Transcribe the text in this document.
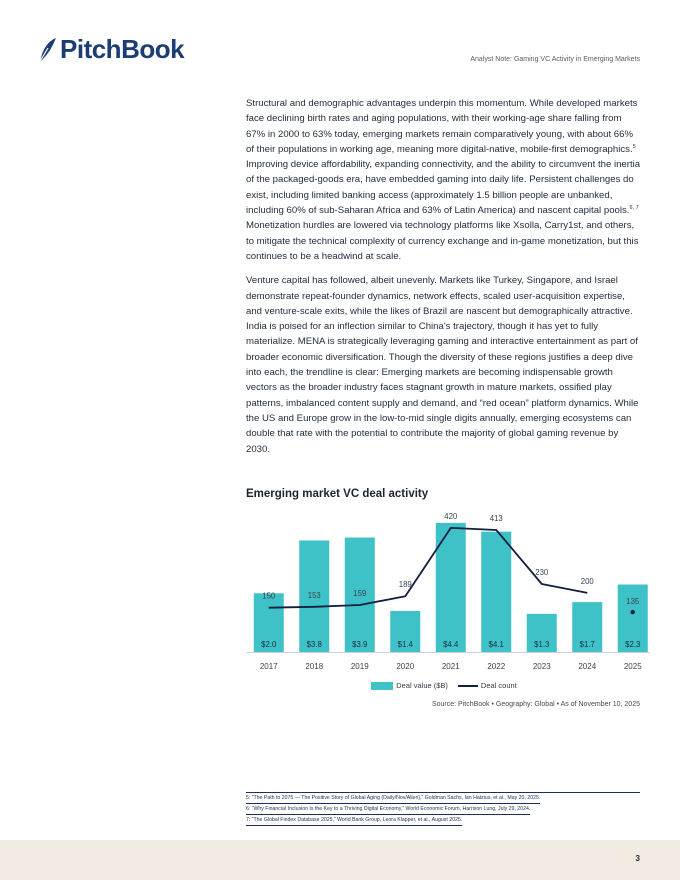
PitchBook	Analyst Note: Gaming VC Activity in Emerging Markets

Structural and demographic advantages underpin this momentum. While developed markets face declining birth rates and aging populations, with their working-age share falling from 67% in 2000 to 63% today, emerging markets remain comparatively young, with about 66% of their populations in working age, meaning more digital-native, mobile-first demographics.$^5$ Improving device affordability, expanding connectivity, and the ability to circumvent the inertia of the packaged-goods era, have embedded gaming into daily life. Persistent challenges do exist, including limited banking access (approximately 1.5 billion people are unbanked, including 60% of sub-Saharan Africa and 63% of Latin America) and nascent capital pools.$^{6, 7}$ Monetization hurdles are lowered via technology platforms like Xsolla, Carry1st, and others, to mitigate the technical complexity of currency exchange and in-game monetization, but this continues to be a headwind at scale.

Venture capital has followed, albeit unevenly. Markets like Turkey, Singapore, and Israel demonstrate repeat-founder dynamics, network effects, scaled user-acquisition expertise, and venture-scale exits, while the likes of Brazil are nascent but demographically attractive. India is poised for an inflection similar to China's trajectory, though it has yet to fully materialize. MENA is strategically leveraging gaming and interactive entertainment as part of broader economic diversification. Though the diversity of these regions justifies a deep dive into each, the trendline is clear: Emerging markets are becoming indispensable growth vectors as the broader industry faces stagnant growth in mature markets, ossified play patterns, imbalanced content supply and demand, and “red ocean” platform dynamics. While the US and Europe grow in the low-to-mid single digits annually, emerging ecosystems can double that rate with the potential to contribute the majority of global gaming revenue by 2030.

Emerging market VC deal activity
$2.0
2017
$3.8
2018
$3.9
2019
$1.4
2020
$4.4
2021
$4.1
2022
$1.3
2023
$1.7
2024
$2.3
2025
150	153	159
189
420	413
230
200
135
Deal value ($B)	Deal count
Source: PitchBook • Geography: Global • As of November 10, 2025
5: “The Path to 2075 — The Positive Story of Global Aging (Daily/Nov/Allen),” Goldman Sachs, Ian Hatzius, et al., May 20, 2025.
6: “Why Financial Inclusion Is the Key to a Thriving Digital Economy,” World Economic Forum, Harrison Lung, July 29, 2024.
7: “The Global Findex Database 2025,” World Bank Group, Leora Klapper, et al., August 2025.
3
